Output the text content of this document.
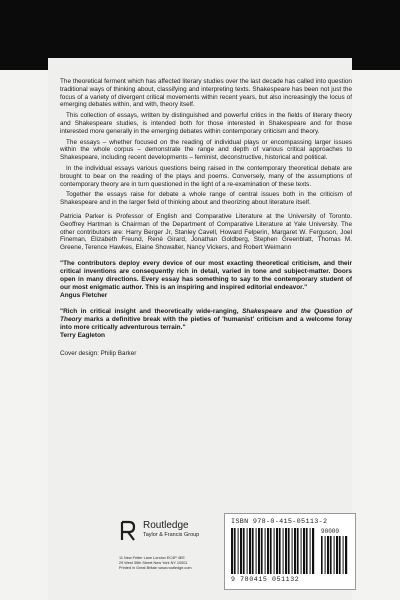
The theoretical ferment which has affected literary studies over the last decade has called into question traditional ways of thinking about, classifying and interpreting texts. Shakespeare has been not just the focus of a variety of divergent critical movements within recent years, but also increasingly the locus of emerging debates within, and with, theory itself.

This collection of essays, written by distinguished and powerful critics in the fields of literary theory and Shakespeare studies, is intended both for those interested in Shakespeare and for those interested more generally in the emerging debates within contemporary criticism and theory.

The essays – whether focused on the reading of individual plays or encompassing larger issues within the whole corpus – demonstrate the range and depth of various critical approaches to Shakespeare, including recent developments – feminist, deconstructive, historical and political.

In the individual essays various questions being raised in the contemporary theoretical debate are brought to bear on the reading of the plays and poems. Conversely, many of the assumptions of contemporary theory are in turn questioned in the light of a re-examination of these texts.

Together the essays raise for debate a whole range of central issues both in the criticism of Shakespeare and in the larger field of thinking about and theorizing about literature itself.

Patricia Parker is Professor of English and Comparative Literature at the University of Toronto. Geoffrey Hartman is Chairman of the Department of Comparative Literature at Yale University. The other contributors are: Harry Berger Jr, Stanley Cavell, Howard Felperin, Margaret W. Ferguson, Joel Fineman, Elizabeth Freund, René Girard, Jonathan Goldberg, Stephen Greenblatt, Thomas M. Greene, Terence Hawkes, Elaine Showalter, Nancy Vickers, and Robert Weimann

"The contributors deploy every device of our most exacting theoretical criticism, and their critical inventions are consequently rich in detail, varied in tone and subject-matter. Doors open in many directions. Every essay has something to say to the contemporary student of our most enigmatic author. This is an inspiring and inspired editorial endeavor."
Angus Fletcher
"Rich in critical insight and theoretically wide-ranging, Shakespeare and the Question of Theory marks a definitive break with the pieties of 'humanist' criticism and a welcome foray into more critically adventurous terrain."
Terry Eagleton
Cover design: Philip Barker
Routledge
Taylor & Francis Group
11 New Fetter Lane London EC4P 4EE
29 West 35th Street New York NY 10001
Printed in Great Britain www.routledge.com
ISBN 978-0-415-05113-2
90000
9 780415 051132
